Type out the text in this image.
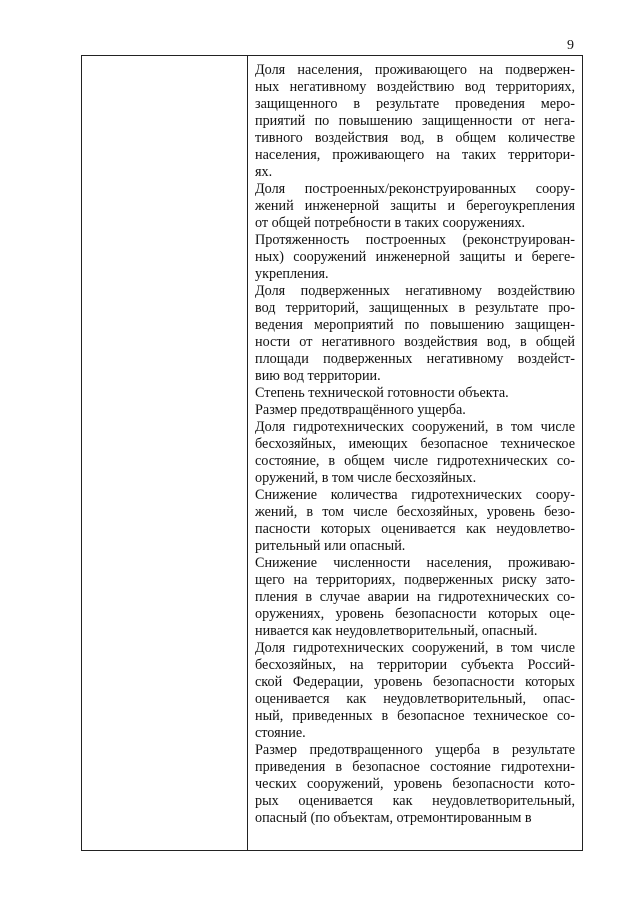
9
Доля населения, проживающего на подвержен-
ных негативному воздействию вод территориях,
защищенного в результате проведения меро-
приятий по повышению защищенности от нега-
тивного воздействия вод, в общем количестве
населения, проживающего на таких территори-
ях.
Доля построенных/реконструированных соору-
жений инженерной защиты и берегоукрепления
от общей потребности в таких сооружениях.
Протяженность построенных (реконструирован-
ных) сооружений инженерной защиты и береге-
укрепления.
Доля подверженных негативному воздействию
вод территорий, защищенных в результате про-
ведения мероприятий по повышению защищен-
ности от негативного воздействия вод, в общей
площади подверженных негативному воздейст-
вию вод территории.
Степень технической готовности объекта.
Размер предотвращённого ущерба.
Доля гидротехнических сооружений, в том числе
бесхозяйных, имеющих безопасное техническое
состояние, в общем числе гидротехнических со-
оружений, в том числе бесхозяйных.
Снижение количества гидротехнических соору-
жений, в том числе бесхозяйных, уровень безо-
пасности которых оценивается как неудовлетво-
рительный или опасный.
Снижение численности населения, проживаю-
щего на территориях, подверженных риску зато-
пления в случае аварии на гидротехнических со-
оружениях, уровень безопасности которых оце-
нивается как неудовлетворительный, опасный.
Доля гидротехнических сооружений, в том числе
бесхозяйных, на территории субъекта Россий-
ской Федерации, уровень безопасности которых
оценивается как неудовлетворительный, опас-
ный, приведенных в безопасное техническое со-
стояние.
Размер предотвращенного ущерба в результате
приведения в безопасное состояние гидротехни-
ческих сооружений, уровень безопасности кото-
рых оценивается как неудовлетворительный,
опасный (по объектам, отремонтированным в
